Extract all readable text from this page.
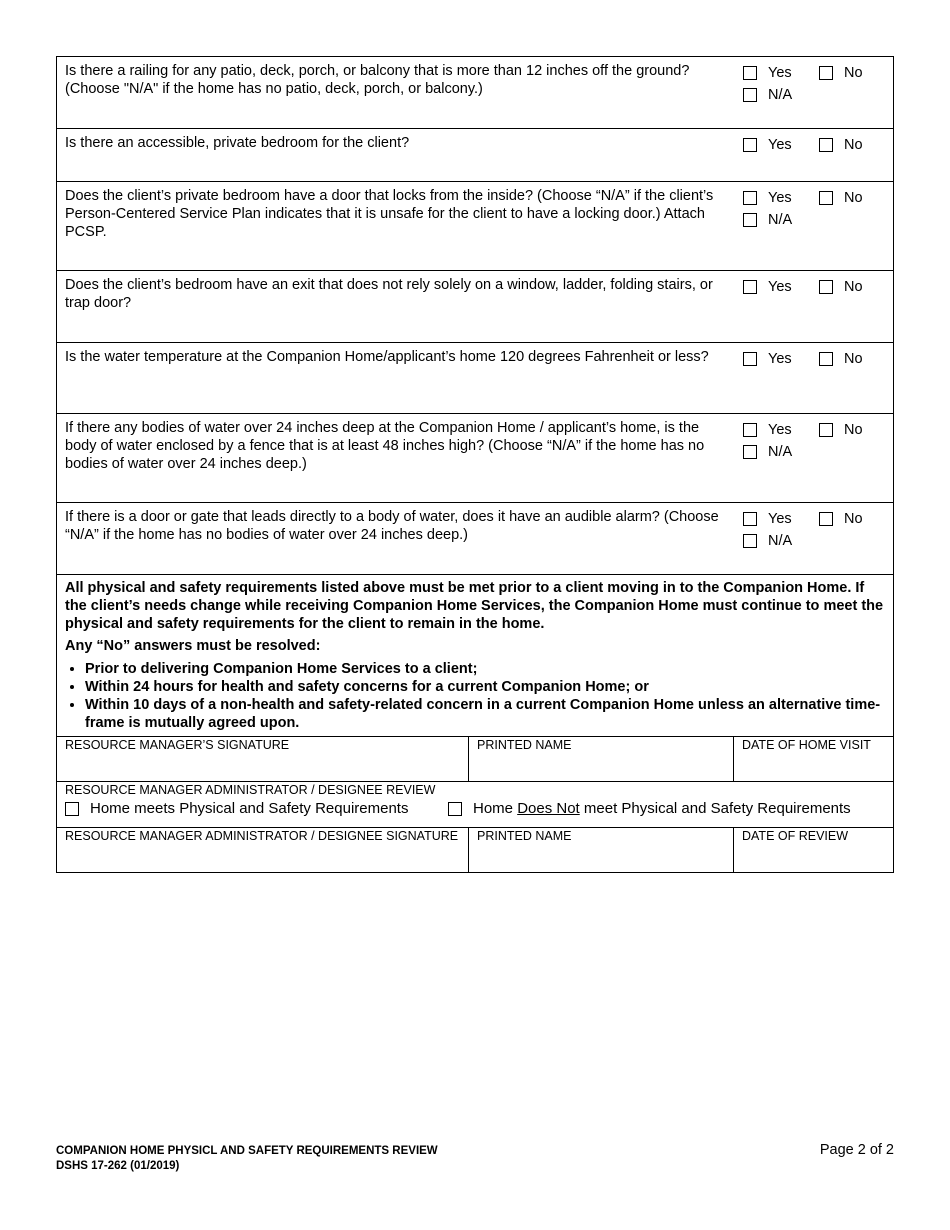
Is there a railing for any patio, deck, porch, or balcony that is more than 12 inches off the ground? (Choose "N/A" if the home has no patio, deck, porch, or balcony.)
Yes	No
N/A
Is there an accessible, private bedroom for the client?	Yes	No
Does the client’s private bedroom have a door that locks from the inside? (Choose “N/A” if the client’s Person-Centered Service Plan indicates that it is unsafe for the client to have a locking door.) Attach PCSP.
Yes	No
N/A
Does the client’s bedroom have an exit that does not rely solely on a window, ladder, folding stairs, or trap door?
Yes	No
Is the water temperature at the Companion Home/applicant’s home 120 degrees Fahrenheit or less?	Yes	No
If there any bodies of water over 24 inches deep at the Companion Home / applicant’s home, is the body of water enclosed by a fence that is at least 48 inches high? (Choose “N/A” if the home has no bodies of water over 24 inches deep.)
Yes	No
N/A
If there is a door or gate that leads directly to a body of water, does it have an audible alarm? (Choose “N/A” if the home has no bodies of water over 24 inches deep.)
Yes	No
N/A

All physical and safety requirements listed above must be met prior to a client moving in to the Companion Home. If the client’s needs change while receiving Companion Home Services, the Companion Home must continue to meet the physical and safety requirements for the client to remain in the home.

Any “No” answers must be resolved:

• Prior to delivering Companion Home Services to a client;
• Within 24 hours for health and safety concerns for a current Companion Home; or
• Within 10 days of a non-health and safety-related concern in a current Companion Home unless an alternative time-frame is mutually agreed upon.
RESOURCE MANAGER’S SIGNATURE	PRINTED NAME	DATE OF HOME VISIT
RESOURCE MANAGER ADMINISTRATOR / DESIGNEE REVIEW
Home meets Physical and Safety Requirements	Home Does Not meet Physical and Safety Requirements
RESOURCE MANAGER ADMINISTRATOR / DESIGNEE SIGNATURE	PRINTED NAME	DATE OF REVIEW
COMPANION HOME PHYSICL AND SAFETY REQUIREMENTS REVIEW
DSHS 17-262 (01/2019)
Page 2 of 2
